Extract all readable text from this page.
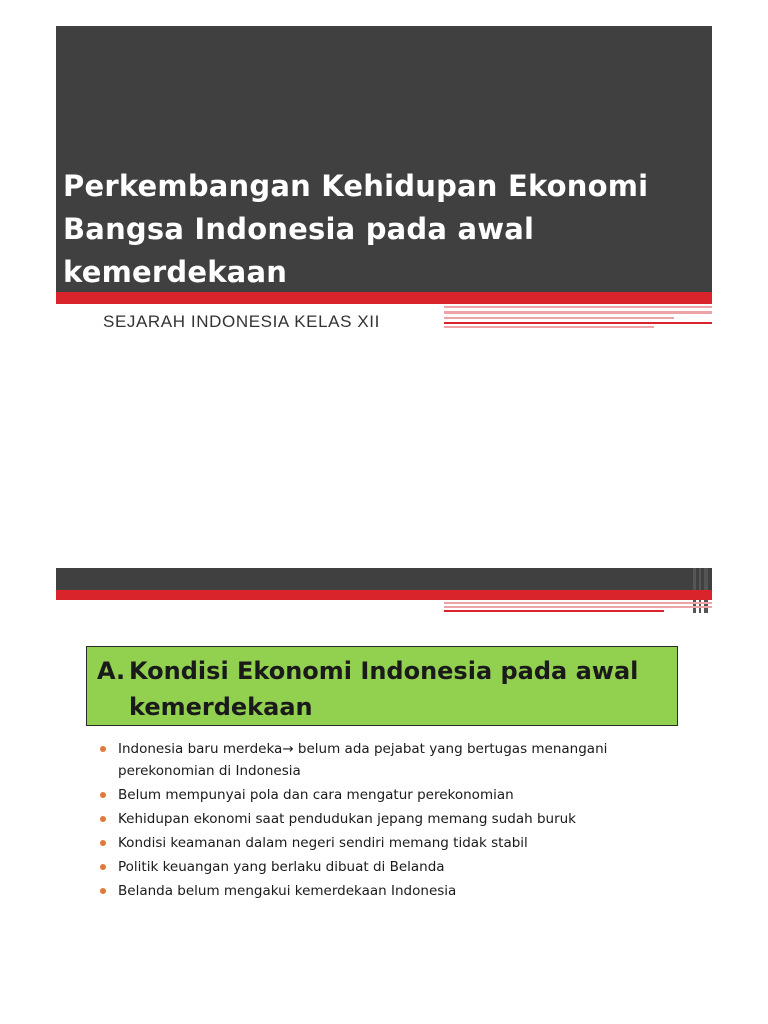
Perkembangan Kehidupan Ekonomi Bangsa Indonesia pada awal kemerdekaan

SEJARAH INDONESIA KELAS XII

A. Kondisi Ekonomi Indonesia pada awal
kemerdekaan
Indonesia baru merdeka→ belum ada pejabat yang bertugas menangani perekonomian di Indonesia
Belum mempunyai pola dan cara mengatur perekonomian
Kehidupan ekonomi saat pendudukan jepang memang sudah buruk
Kondisi keamanan dalam negeri sendiri memang tidak stabil
Politik keuangan yang berlaku dibuat di Belanda
Belanda belum mengakui kemerdekaan Indonesia
